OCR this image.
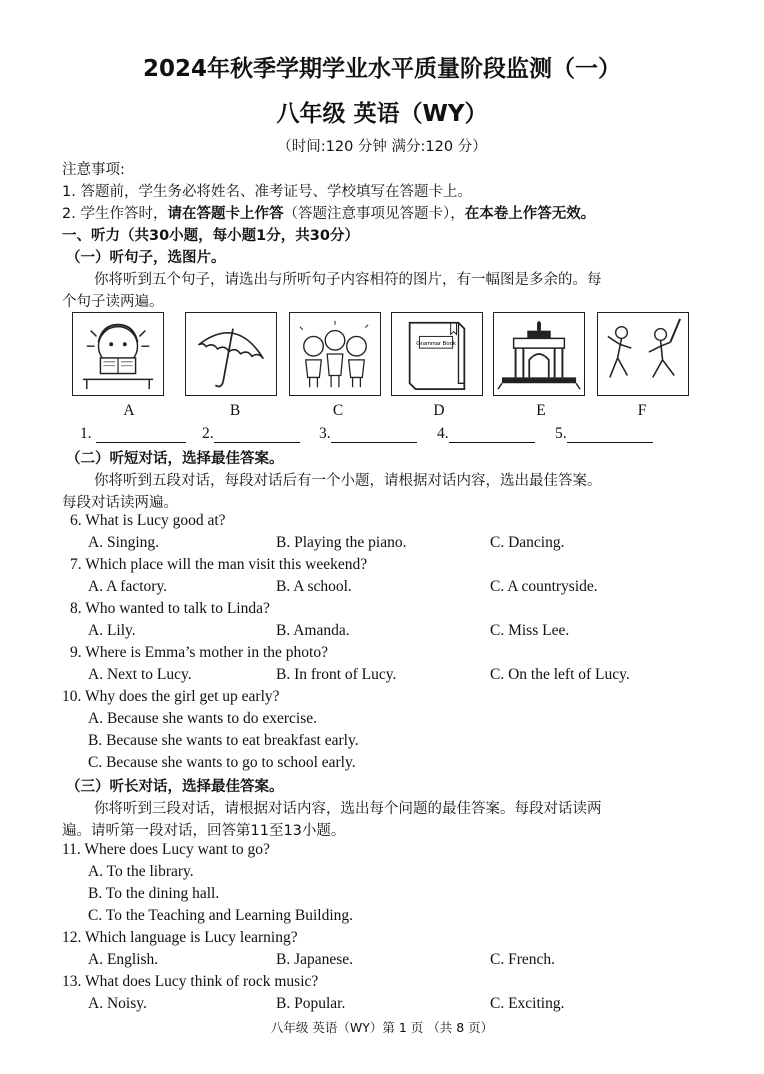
2024年秋季学期学业水平质量阶段监测（一）
八年级 英语（WY）
（时间:120 分钟 满分:120 分）
注意事项:
1. 答题前，学生务必将姓名、准考证号、学校填写在答题卡上。
2. 学生作答时，请在答题卡上作答（答题注意事项见答题卡），在本卷上作答无效。
一、听力（共30小题，每小题1分，共30分）
（一）听句子，选图片。
你将听到五个句子，请选出与所听句子内容相符的图片，有一幅图是多余的。每
个句子读两遍。
Grammar Book
A	B	C	D	E	F
1.	2.	3.	4.	5.
（二）听短对话，选择最佳答案。
你将听到五段对话，每段对话后有一个小题，请根据对话内容，选出最佳答案。
每段对话读两遍。
6. What is Lucy good at?
A. Singing.	B. Playing the piano.	C. Dancing.
7. Which place will the man visit this weekend?
A. A factory.	B. A school.	C. A countryside.
8. Who wanted to talk to Linda?
A. Lily.	B. Amanda.	C. Miss Lee.
9. Where is Emma’s mother in the photo?
A. Next to Lucy.	B. In front of Lucy.	C. On the left of Lucy.
10. Why does the girl get up early?
A. Because she wants to do exercise.
B. Because she wants to eat breakfast early.
C. Because she wants to go to school early.
（三）听长对话，选择最佳答案。
你将听到三段对话，请根据对话内容，选出每个问题的最佳答案。每段对话读两
遍。请听第一段对话，回答第11至13小题。
11. Where does Lucy want to go?
A. To the library.
B. To the dining hall.
C. To the Teaching and Learning Building.
12. Which language is Lucy learning?
A. English.	B. Japanese.	C. French.
13. What does Lucy think of rock music?
A. Noisy.	B. Popular.	C. Exciting.
八年级 英语（WY）第 1 页 （共 8 页）
